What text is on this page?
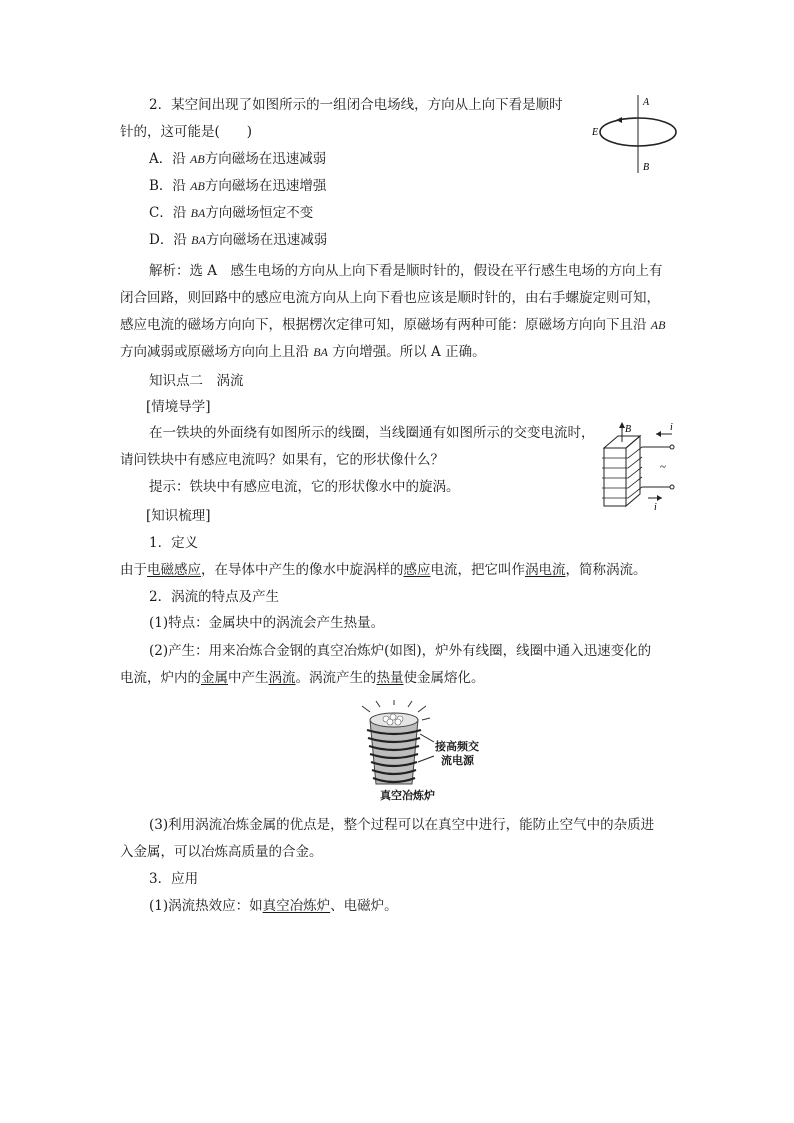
2．某空间出现了如图所示的一组闭合电场线，方向从上向下看是顺时
针的，这可能是(　　)
A．沿 AB方向磁场在迅速减弱
B．沿 AB方向磁场在迅速增强
C．沿 BA方向磁场恒定不变
D．沿 BA方向磁场在迅速减弱
A
B
E
解析：选 A　感生电场的方向从上向下看是顺时针的，假设在平行感生电场的方向上有
闭合回路，则回路中的感应电流方向从上向下看也应该是顺时针的，由右手螺旋定则可知，
感应电流的磁场方向向下，根据楞次定律可知，原磁场有两种可能：原磁场方向向下且沿 AB
方向减弱或原磁场方向向上且沿 BA 方向增强。所以 A 正确。
知识点二　涡流
[情境导学]
在一铁块的外面绕有如图所示的线圈，当线圈通有如图所示的交变电流时，
请问铁块中有感应电流吗？如果有，它的形状像什么？
提示：铁块中有感应电流，它的形状像水中的旋涡。
B	i
i
~
[知识梳理]
1．定义
由于电磁感应，在导体中产生的像水中旋涡样的感应电流，把它叫作涡电流，简称涡流。
2．涡流的特点及产生
(1)特点：金属块中的涡流会产生热量。
(2)产生：用来冶炼合金钢的真空冶炼炉(如图)，炉外有线圈，线圈中通入迅速变化的
电流，炉内的金属中产生涡流。涡流产生的热量使金属熔化。
接高频交
流电源
真空冶炼炉
(3)利用涡流冶炼金属的优点是，整个过程可以在真空中进行，能防止空气中的杂质进
入金属，可以冶炼高质量的合金。
3．应用
(1)涡流热效应：如真空冶炼炉、电磁炉。
